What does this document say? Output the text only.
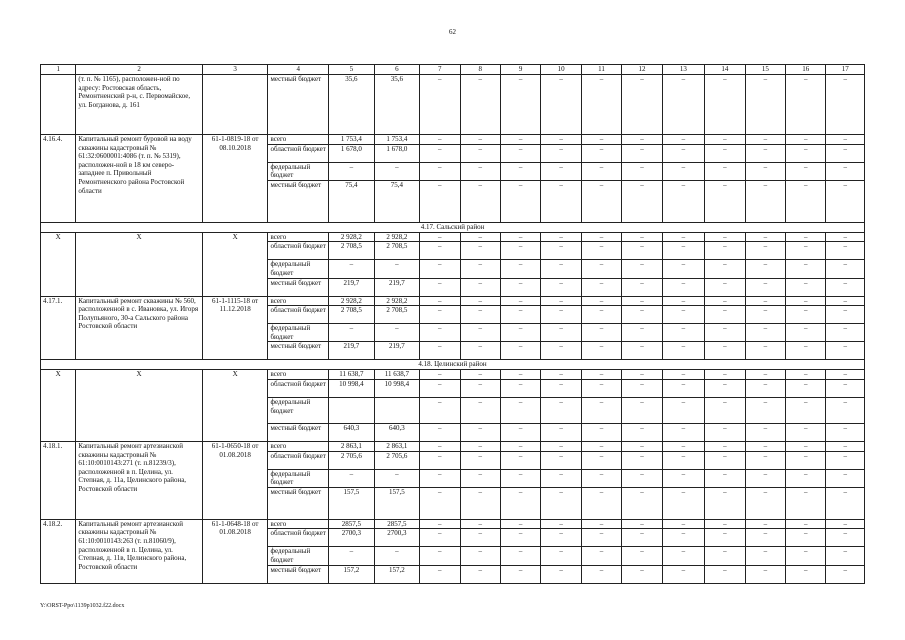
62
1	2	3	4	5	6	7	8	9	10	11	12	13	14	15	16	17
	(т. п. № 1165), расположен-ной по адресу: Ростовская область, Ремонтненский р-н, с. Первомайское, ул. Богданова, д. 161		местный бюджет	35,6	35,6	–	–	–	–	–	–	–	–	–	–	–
4.16.4.	Капитальный ремонт буровой на воду скважины кадастровый № 61:32:0600001:4086 (т. п. № 5319), расположен-ной в 18 км северо-западнее п. Привольный Ремонтненского района Ростовской области	61-1-0819-18 от 08.10.2018	всего	1 753,4	1 753,4	–	–	–	–	–	–	–	–	–	–	–
			областной бюджет	1 678,0	1 678,0	–	–	–	–	–	–	–	–	–	–	–
			федеральный бюджет	–	–	–	–	–	–	–	–	–	–	–	–	–
			местный бюджет	75,4	75,4	–	–	–	–	–	–	–	–	–	–	–
4.17. Сальский район																
Х	Х	Х	всего	2 928,2	2 928,2	–	–	–	–	–	–	–	–	–	–	–
			областной бюджет	2 708,5	2 708,5	–	–	–	–	–	–	–	–	–	–	–
			федеральный бюджет	–	–	–	–	–	–	–	–	–	–	–	–	–
			местный бюджет	219,7	219,7	–	–	–	–	–	–	–	–	–	–	–
4.17.1.	Капитальный ремонт скважины № 560, расположенной в с. Ивановка, ул. Игоря Полупьяного, 30-а Сальского района Ростовской области	61-1-1115-18 от 11.12.2018	всего	2 928,2	2 928,2	–	–	–	–	–	–	–	–	–	–	–
			областной бюджет	2 708,5	2 708,5	–	–	–	–	–	–	–	–	–	–	–
			федеральный бюджет	–	–	–	–	–	–	–	–	–	–	–	–	–
			местный бюджет	219,7	219,7	–	–	–	–	–	–	–	–	–	–	–
4.18. Целинский район																
Х	Х	Х	всего	11 638,7	11 638,7	–	–	–	–	–	–	–	–	–	–	–
			областной бюджет	10 998,4	10 998,4	–	–	–	–	–	–	–	–	–	–	–
			федеральный бюджет			–	–	–	–	–	–	–	–	–	–	–
			местный бюджет	640,3	640,3	–	–	–	–	–	–	–	–	–	–	–
4.18.1.	Капитальный ремонт артезианской скважины кадастровый № 61:10:0010143:271 (т. п.81239/3), расположенной в п. Целина, ул. Степная, д. 11а, Целинского района, Ростовской области	61-1-0650-18 от 01.08.2018	всего	2 863,1	2 863,1	–	–	–	–	–	–	–	–	–	–	–
			областной бюджет	2 705,6	2 705,6	–	–	–	–	–	–	–	–	–	–	–
			федеральный бюджет	–	–	–	–	–	–	–	–	–	–	–	–	–
			местный бюджет	157,5	157,5	–	–	–	–	–	–	–	–	–	–	–
4.18.2.	Капитальный ремонт артезианской скважины кадастровый № 61:10:0010143:263 (т. п.81060/9), расположенной в п. Целина, ул. Степная, д. 11в, Целинского района, Ростовской области	61-1-0648-18 от 01.08.2018	всего	2857,5	2857,5	–	–	–	–	–	–	–	–	–	–	–
			областной бюджет	2700,3	2700,3	–	–	–	–	–	–	–	–	–	–	–
			федеральный бюджет	–	–	–	–	–	–	–	–	–	–	–	–	–
			местный бюджет	157,2	157,2	–	–	–	–	–	–	–	–	–	–	–
Y:\ORST-Ppo\1139p1032.f22.docx
